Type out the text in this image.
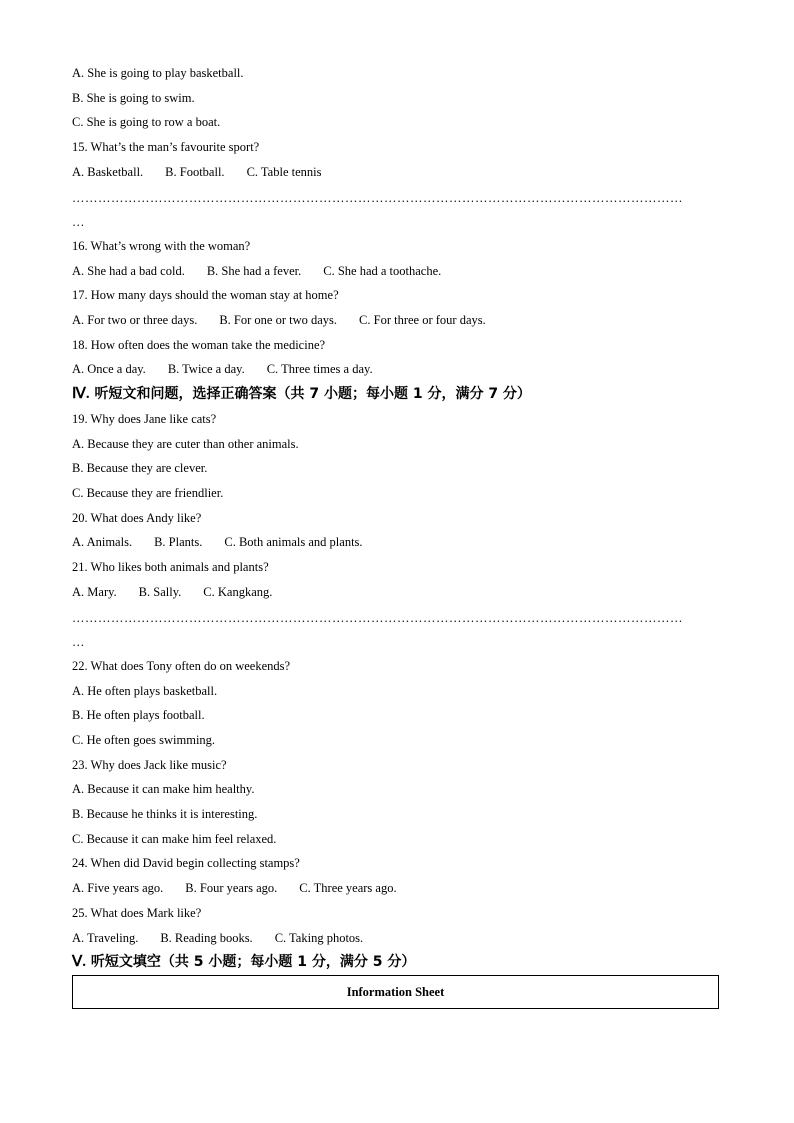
A. She is going to play basketball.
B. She is going to swim.
C. She is going to row a boat.
15. What’s the man’s favourite sport?
A. Basketball. B. Football. C. Table tennis
……………………………………………………………………………………………………………………………
…
16. What’s wrong with the woman?
A. She had a bad cold. B. She had a fever. C. She had a toothache.
17. How many days should the woman stay at home?
A. For two or three days. B. For one or two days. C. For three or four days.
18. How often does the woman take the medicine?
A. Once a day. B. Twice a day. C. Three times a day.
Ⅳ. 听短文和问题，选择正确答案（共 7 小题；每小题 1 分，满分 7 分）
19. Why does Jane like cats?
A. Because they are cuter than other animals.
B. Because they are clever.
C. Because they are friendlier.
20. What does Andy like?
A. Animals. B. Plants. C. Both animals and plants.
21. Who likes both animals and plants?
A. Mary. B. Sally. C. Kangkang.
……………………………………………………………………………………………………………………………
…
22. What does Tony often do on weekends?
A. He often plays basketball.
B. He often plays football.
C. He often goes swimming.
23. Why does Jack like music?
A. Because it can make him healthy.
B. Because he thinks it is interesting.
C. Because it can make him feel relaxed.
24. When did David begin collecting stamps?
A. Five years ago. B. Four years ago. C. Three years ago.
25. What does Mark like?
A. Traveling. B. Reading books. C. Taking photos.
Ⅴ. 听短文填空（共 5 小题；每小题 1 分，满分 5 分）
Information Sheet
